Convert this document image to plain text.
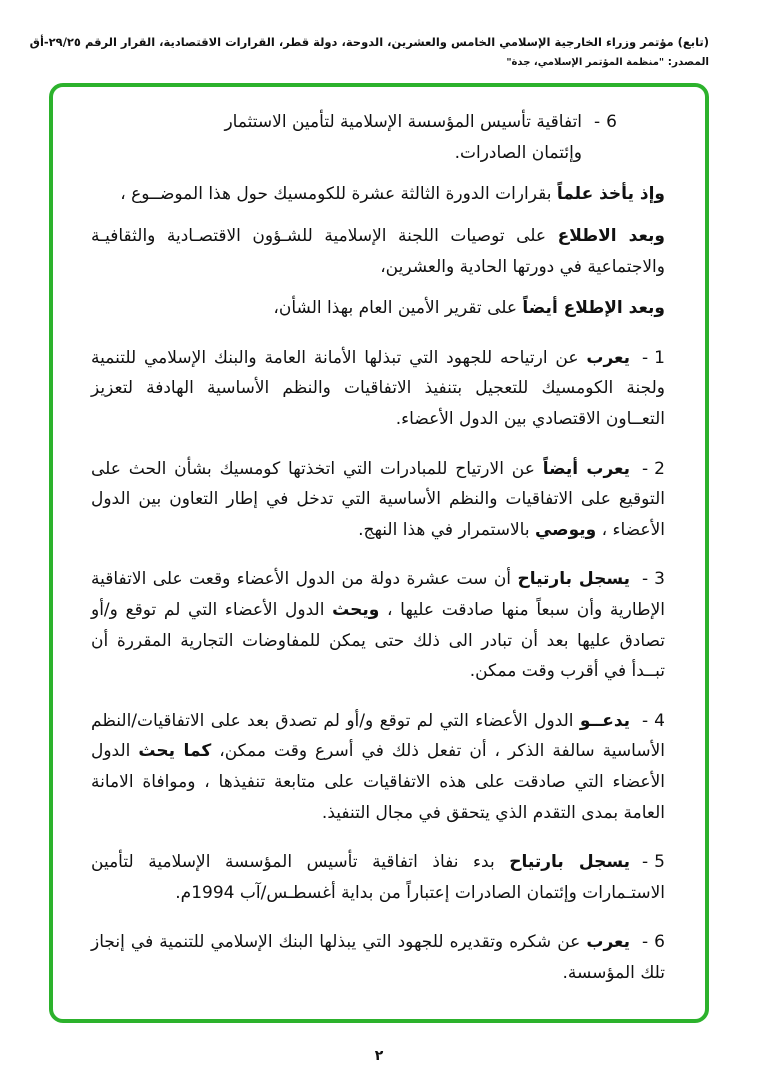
(تابع) مؤتمر وزراء الخارجية الإسلامي الخامس والعشرين، الدوحة، دولة قطر، القرارات الاقتصادية، القرار الرقم ٢٩/٢٥-أق
المصدر: "منظمة المؤتمر الإسلامي، جدة"
6-
اتفاقية تأسيس المؤسسة الإسلامية لتأمين الاستثمار وإئتمان الصادرات.

وإذ يأخذ علماً بقرارات الدورة الثالثة عشرة للكومسيك حول هذا الموضــوع ،

وبعد الاطلاع على توصيات اللجنة الإسلامية للشـؤون الاقتصـادية والثقافيـة والاجتماعية في دورتها الحادية والعشرين،

وبعد الإطلاع أيضاً على تقرير الأمين العام بهذا الشأن،

1-يعرب عن ارتياحه للجهود التي تبذلها الأمانة العامة والبنك الإسلامي للتنمية ولجنة الكومسيك للتعجيل بتنفيذ الاتفاقيات والنظم الأساسية الهادفة لتعزيز التعــاون الاقتصادي بين الدول الأعضاء.

2-يعرب أيضاً عن الارتياح للمبادرات التي اتخذتها كومسيك بشأن الحث على التوقيع على الاتفاقيات والنظم الأساسية التي تدخل في إطار التعاون بين الدول الأعضاء ، ويوصي بالاستمرار في هذا النهج.

3-يسجل بارتياح أن ست عشرة دولة من الدول الأعضاء وقعت على الاتفاقية الإطارية وأن سبعاً منها صادقت عليها ، ويحث الدول الأعضاء التي لم توقع و/أو تصادق عليها بعد أن تبادر الى ذلك حتى يمكن للمفاوضات التجارية المقررة أن تبــدأ في أقرب وقت ممكن.

4-يدعــو الدول الأعضاء التي لم توقع و/أو لم تصدق بعد على الاتفاقيات/النظم الأساسية سالفة الذكر ، أن تفعل ذلك في أسرع وقت ممكن، كما يحث الدول الأعضاء التي صادقت على هذه الاتفاقيات على متابعة تنفيذها ، وموافاة الامانة العامة بمدى التقدم الذي يتحقق في مجال التنفيذ.

5-يسجل بارتياح بدء نفاذ اتفاقية تأسيس المؤسسة الإسلامية لتأمين الاستـمارات وإئتمان الصادرات إعتباراً من بداية أغسطـس/آب 1994م.

6-يعرب عن شكره وتقديره للجهود التي يبذلها البنك الإسلامي للتنمية في إنجاز تلك المؤسسة.

٢
